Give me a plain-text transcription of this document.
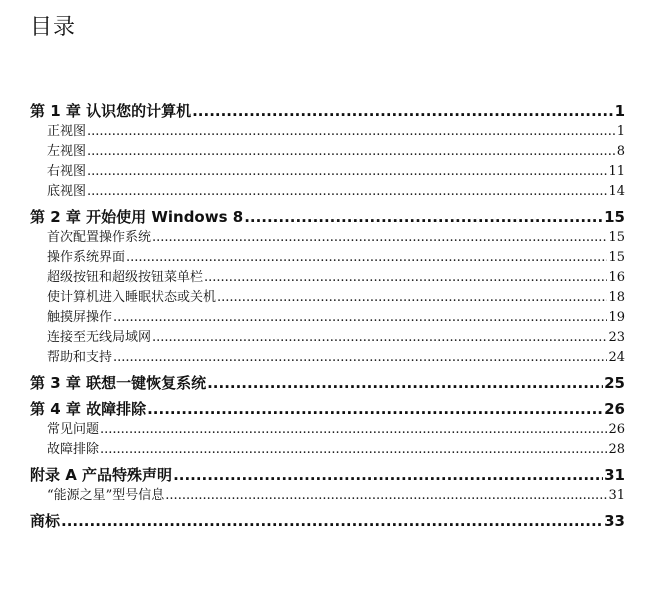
目录
第 1 章 认识您的计算机 .....	1
正视图 .....	1
左视图 .....	8
右视图 .....	11
底视图 .....	14
第 2 章 开始使用 Windows 8 .....	15
首次配置操作系统 .....	15
操作系统界面 .....	15
超级按钮和超级按钮菜单栏 .....	16
使计算机进入睡眠状态或关机 .....	18
触摸屏操作 .....	19
连接至无线局域网 .....	23
帮助和支持 .....	24
第 3 章 联想一键恢复系统 .....	25
第 4 章 故障排除 .....	26
常见问题 .....	26
故障排除 .....	28
附录 A 产品特殊声明 .....	31
“能源之星”型号信息 .....	31
商标 .....	33
